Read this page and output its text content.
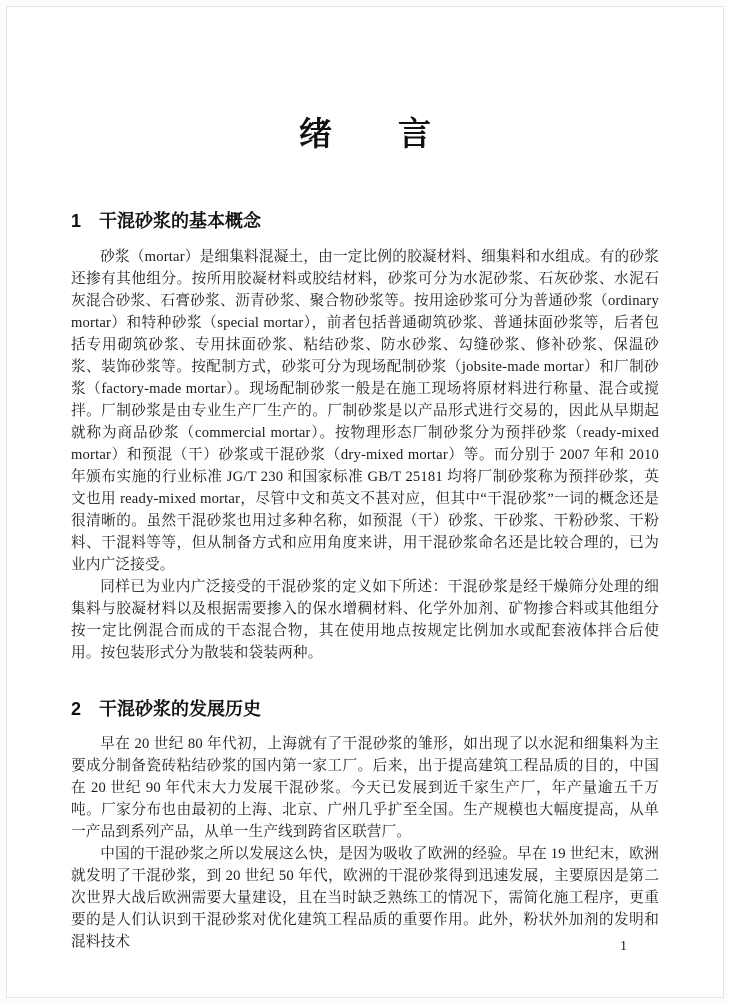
绪　　言
1　干混砂浆的基本概念

砂浆（mortar）是细集料混凝土，由一定比例的胶凝材料、细集料和水组成。有的砂浆还掺有其他组分。按所用胶凝材料或胶结材料，砂浆可分为水泥砂浆、石灰砂浆、水泥石灰混合砂浆、石膏砂浆、沥青砂浆、聚合物砂浆等。按用途砂浆可分为普通砂浆（ordinary mortar）和特种砂浆（special mortar），前者包括普通砌筑砂浆、普通抹面砂浆等，后者包括专用砌筑砂浆、专用抹面砂浆、粘结砂浆、防水砂浆、勾缝砂浆、修补砂浆、保温砂浆、装饰砂浆等。按配制方式，砂浆可分为现场配制砂浆（jobsite-made mortar）和厂制砂浆（factory-made mortar）。现场配制砂浆一般是在施工现场将原材料进行称量、混合或搅拌。厂制砂浆是由专业生产厂生产的。厂制砂浆是以产品形式进行交易的，因此从早期起就称为商品砂浆（commercial mortar）。按物理形态厂制砂浆分为预拌砂浆（ready-mixed mortar）和预混（干）砂浆或干混砂浆（dry-mixed mortar）等。而分别于 2007 年和 2010 年颁布实施的行业标准 JG/T 230 和国家标准 GB/T 25181 均将厂制砂浆称为预拌砂浆，英文也用 ready-mixed mortar，尽管中文和英文不甚对应，但其中“干混砂浆”一词的概念还是很清晰的。虽然干混砂浆也用过多种名称，如预混（干）砂浆、干砂浆、干粉砂浆、干粉料、干混料等等，但从制备方式和应用角度来讲，用干混砂浆命名还是比较合理的，已为业内广泛接受。

同样已为业内广泛接受的干混砂浆的定义如下所述：干混砂浆是经干燥筛分处理的细集料与胶凝材料以及根据需要掺入的保水增稠材料、化学外加剂、矿物掺合料或其他组分按一定比例混合而成的干态混合物，其在使用地点按规定比例加水或配套液体拌合后使用。按包装形式分为散装和袋装两种。

2　干混砂浆的发展历史

早在 20 世纪 80 年代初，上海就有了干混砂浆的雏形，如出现了以水泥和细集料为主要成分制备瓷砖粘结砂浆的国内第一家工厂。后来，出于提高建筑工程品质的目的，中国在 20 世纪 90 年代末大力发展干混砂浆。今天已发展到近千家生产厂，年产量逾五千万吨。厂家分布也由最初的上海、北京、广州几乎扩至全国。生产规模也大幅度提高，从单一产品到系列产品，从单一生产线到跨省区联营厂。

中国的干混砂浆之所以发展这么快，是因为吸收了欧洲的经验。早在 19 世纪末，欧洲就发明了干混砂浆，到 20 世纪 50 年代，欧洲的干混砂浆得到迅速发展，主要原因是第二次世界大战后欧洲需要大量建设，且在当时缺乏熟练工的情况下，需简化施工程序，更重要的是人们认识到干混砂浆对优化建筑工程品质的重要作用。此外，粉状外加剂的发明和混料技术	1
